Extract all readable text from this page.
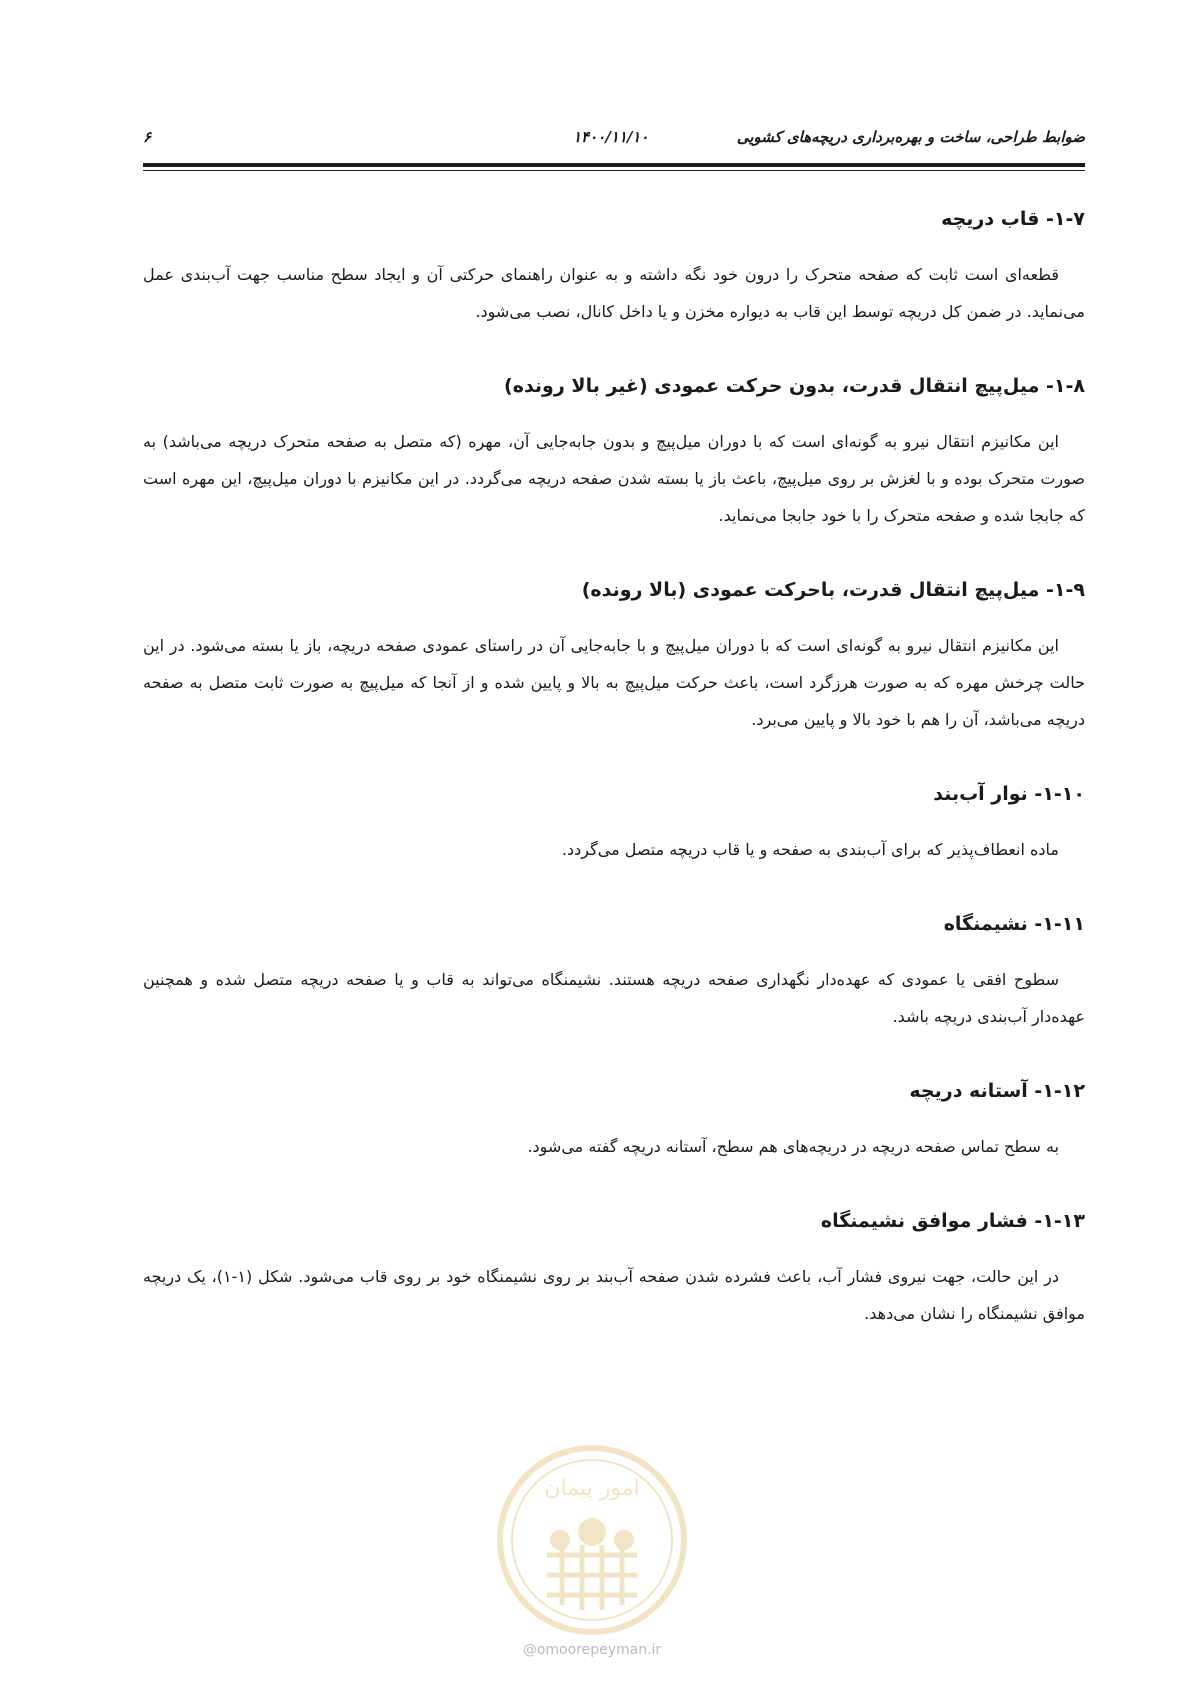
ضوابط طراحی، ساخت و بهره‌برداری دریچه‌های کشویی
۱۴۰۰/۱۱/۱۰
۶

۱-۷- قاب دریچه

قطعه‌ای است ثابت که صفحه متحرک را درون خود نگه داشته و به عنوان راهنمای حرکتی آن و ایجاد سطح مناسب جهت آب‌بندی عمل می‌نماید. در ضمن کل دریچه توسط این قاب به دیواره مخزن و یا داخل کانال، نصب می‌شود.

۱-۸- میل‌پیچ انتقال قدرت، بدون حرکت عمودی (غیر بالا رونده)

این مکانیزم انتقال نیرو به گونه‌ای است که با دوران میل‌پیچ و بدون جابه‌جایی آن، مهره (که متصل به صفحه متحرک دریچه می‌باشد) به صورت متحرک بوده و با لغزش بر روی میل‌پیچ، باعث باز یا بسته شدن صفحه دریچه می‌گردد. در این مکانیزم با دوران میل‌پیچ، این مهره است که جابجا شده و صفحه متحرک را با خود جابجا می‌نماید.

۱-۹- میل‌پیچ انتقال قدرت، باحرکت عمودی (بالا رونده)

این مکانیزم انتقال نیرو به گونه‌ای است که با دوران میل‌پیچ و با جابه‌جایی آن در راستای عمودی صفحه دریچه، باز یا بسته می‌شود. در این حالت چرخش مهره که به صورت هرزگرد است، باعث حرکت میل‌پیچ به بالا و پایین شده و از آنجا که میل‌پیچ به صورت ثابت متصل به صفحه دریچه می‌باشد، آن را هم با خود بالا و پایین می‌برد.

۱-۱۰- نوار آب‌بند

ماده انعطاف‌پذیر که برای آب‌بندی به صفحه و یا قاب دریچه متصل می‌گردد.

۱-۱۱- نشیمنگاه

سطوح افقی یا عمودی که عهده‌دار نگهداری صفحه دریچه هستند. نشیمنگاه می‌تواند به قاب و یا صفحه دریچه متصل شده و همچنین عهده‌دار آب‌بندی دریچه باشد.

۱-۱۲- آستانه دریچه

به سطح تماس صفحه دریچه در دریچه‌های هم سطح، آستانه دریچه گفته می‌شود.

۱-۱۳- فشار موافق نشیمنگاه

در این حالت، جهت نیروی فشار آب، باعث فشرده شدن صفحه آب‌بند بر روی نشیمنگاه خود بر روی قاب می‌شود. شکل (۱-۱)، یک دریچه موافق نشیمنگاه را نشان می‌دهد.

امور پیمان
@omoorepeyman.ir
